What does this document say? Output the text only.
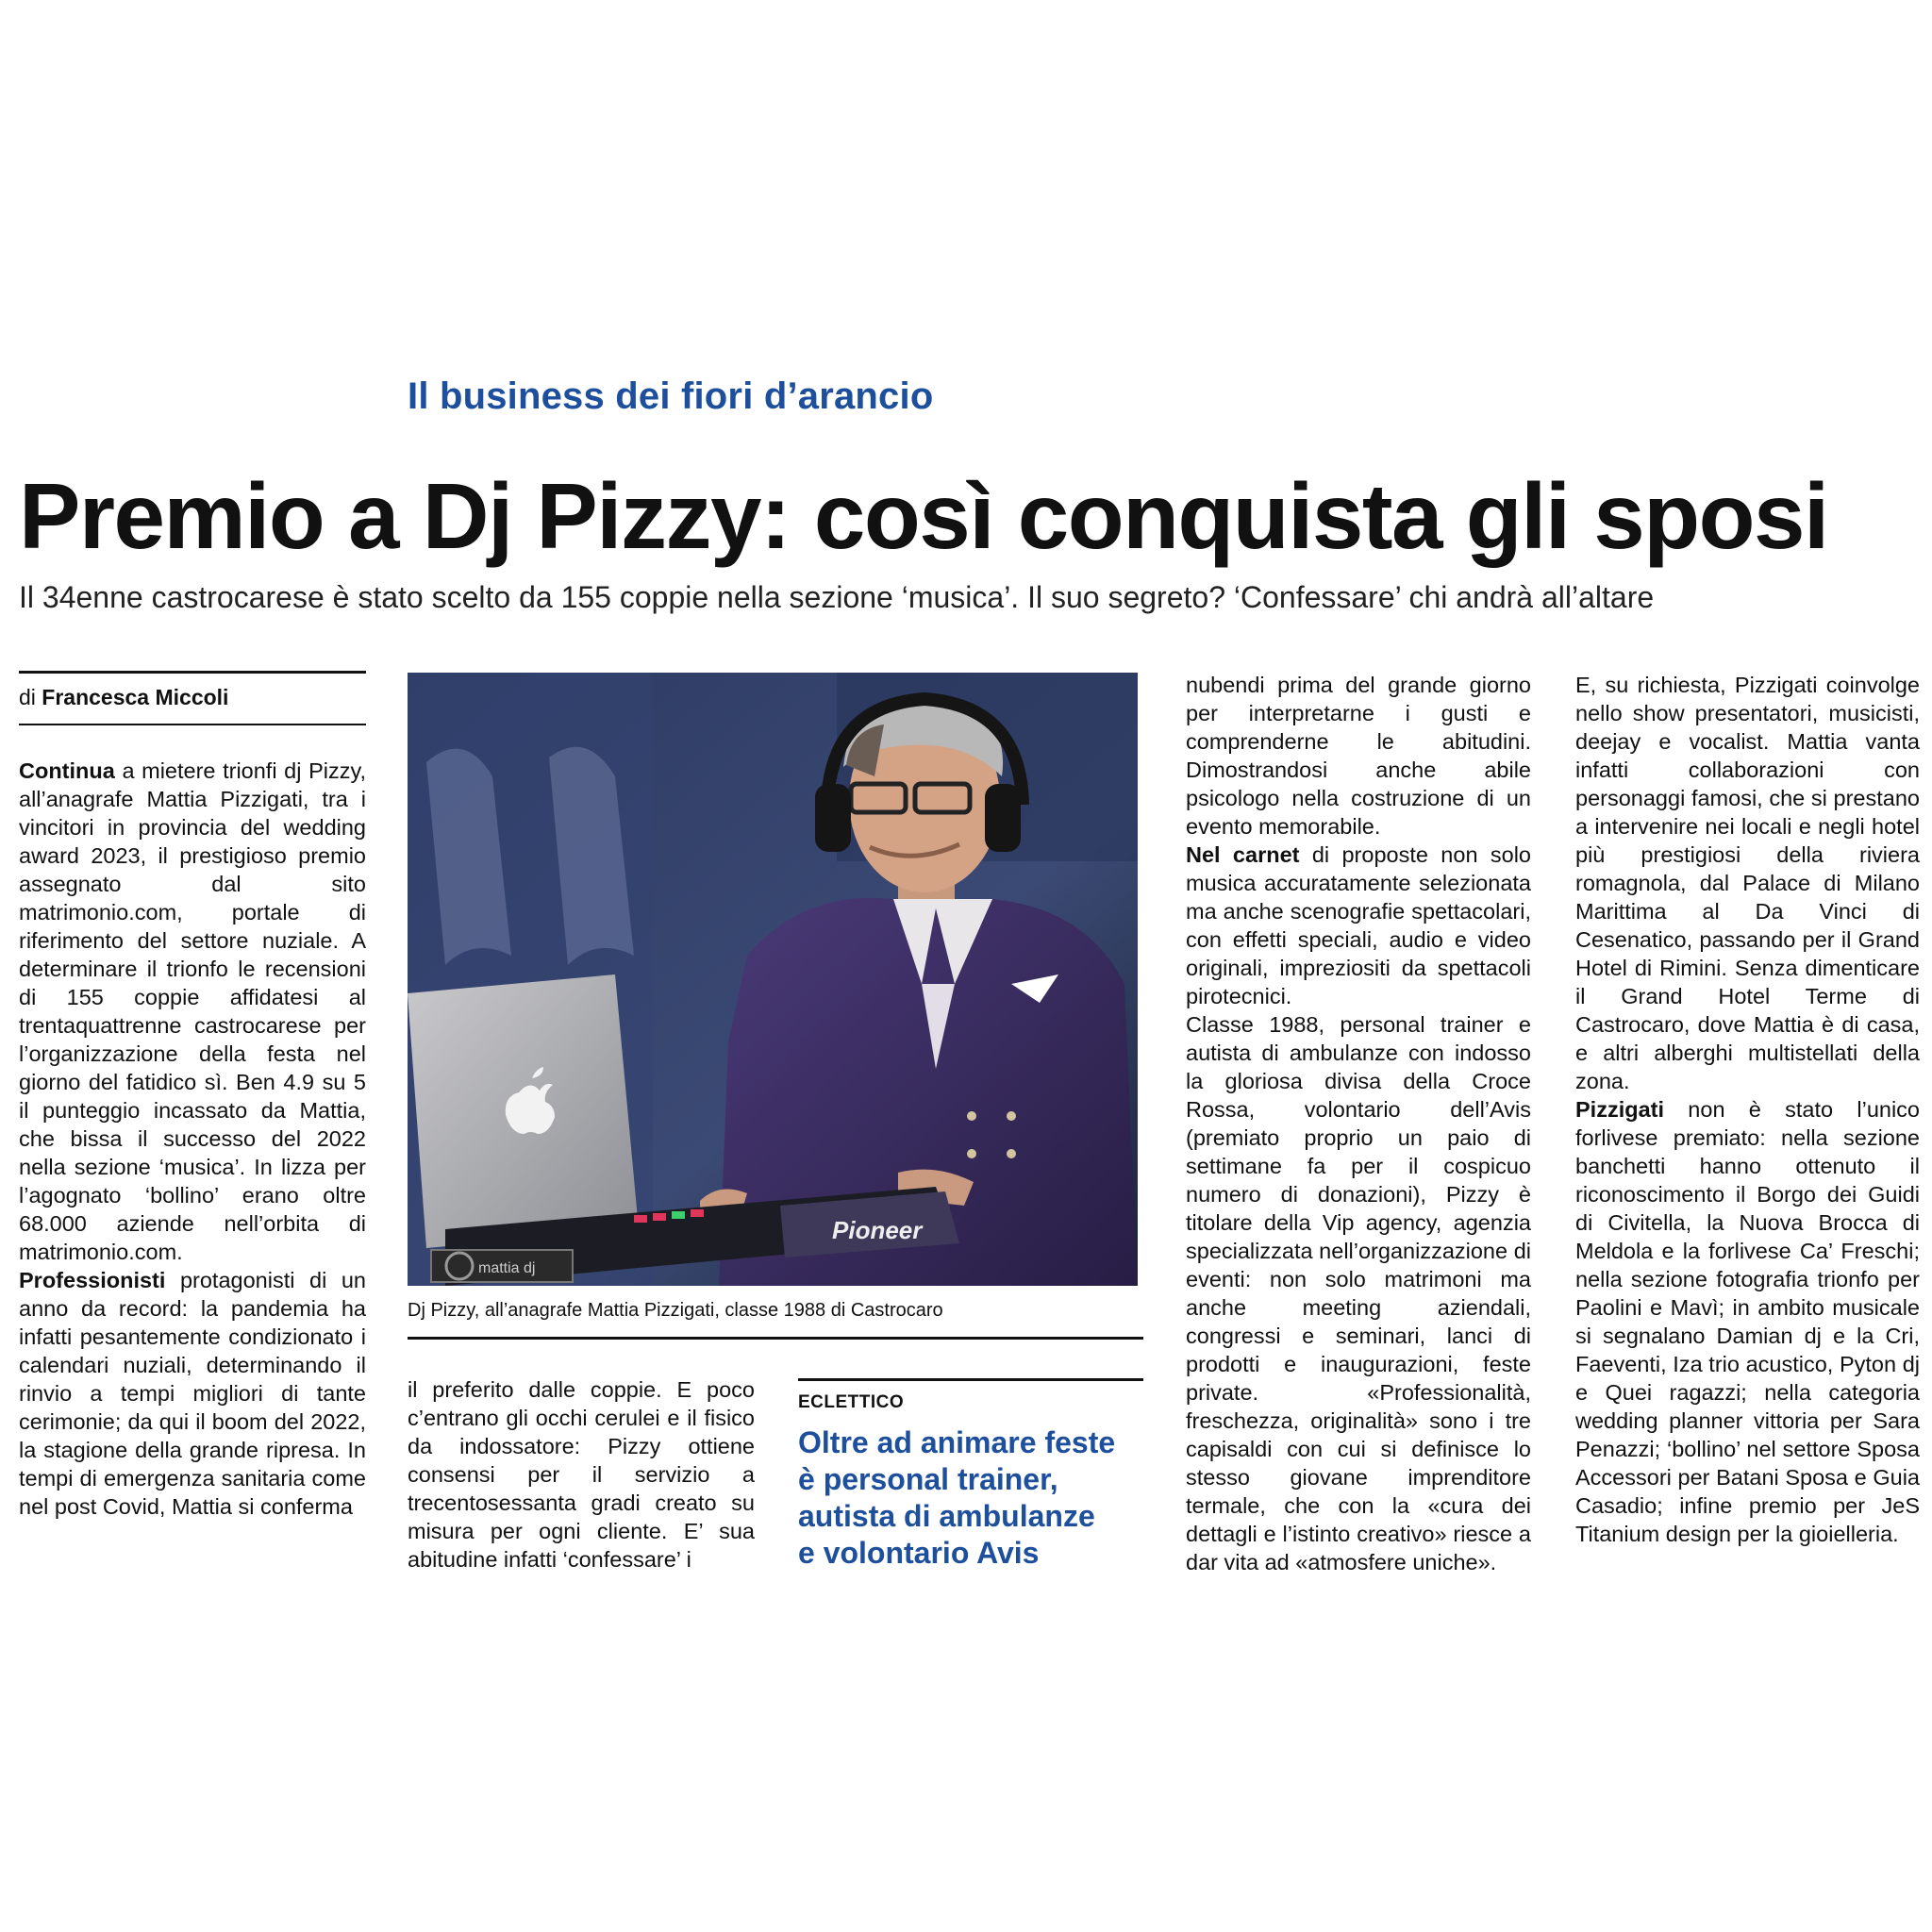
Il business dei fiori d’arancio
Premio a Dj Pizzy: così conquista gli sposi
Il 34enne castrocarese è stato scelto da 155 coppie nella sezione ‘musica’. Il suo segreto? ‘Confessare’ chi andrà all’altare
di Francesca Miccoli

Continua a mietere trionfi dj Pizzy, all’anagrafe Mattia Pizzigati, tra i vincitori in provincia del wedding award 2023, il prestigioso premio assegnato dal sito matrimonio.com, portale di riferimento del settore nuziale. A determinare il trionfo le recensioni di 155 coppie affidatesi al trentaquattrenne castrocarese per l’organizzazione della festa nel giorno del fatidico sì. Ben 4.9 su 5 il punteggio incassato da Mattia, che bissa il successo del 2022 nella sezione ‘musica’. In lizza per l’agognato ‘bollino’ erano oltre 68.000 aziende nell’orbita di matrimonio.com.

Professionisti protagonisti di un anno da record: la pandemia ha infatti pesantemente condizionato i calendari nuziali, determinando il rinvio a tempi migliori di tante cerimonie; da qui il boom del 2022, la stagione della grande ripresa. In tempi di emergenza sanitaria come nel post Covid, Mattia si conferma

Pioneer
mattia dj
Dj Pizzy, all’anagrafe Mattia Pizzigati, classe 1988 di Castrocaro

il preferito dalle coppie. E poco c’entrano gli occhi cerulei e il fisico da indossatore: Pizzy ottiene consensi per il servizio a trecentosessanta gradi creato su misura per ogni cliente. E’ sua abitudine infatti ‘confessare’ i

ECLETTICO
Oltre ad animare feste
è personal trainer,
autista di ambulanze
e volontario Avis

nubendi prima del grande giorno per interpretarne i gusti e comprenderne le abitudini. Dimostrandosi anche abile psicologo nella costruzione di un evento memorabile.

Nel carnet di proposte non solo musica accuratamente selezionata ma anche scenografie spettacolari, con effetti speciali, audio e video originali, impreziositi da spettacoli pirotecnici.

Classe 1988, personal trainer e autista di ambulanze con indosso la gloriosa divisa della Croce Rossa, volontario dell’Avis (premiato proprio un paio di settimane fa per il cospicuo numero di donazioni), Pizzy è titolare della Vip agency, agenzia specializzata nell’organizzazione di eventi: non solo matrimoni ma anche meeting aziendali, congressi e seminari, lanci di prodotti e inaugurazioni, feste private. «Professionalità, freschezza, originalità» sono i tre capisaldi con cui si definisce lo stesso giovane imprenditore termale, che con la «cura dei dettagli e l’istinto creativo» riesce a dar vita ad «atmosfere uniche».

E, su richiesta, Pizzigati coinvolge nello show presentatori, musicisti, deejay e vocalist. Mattia vanta infatti collaborazioni con personaggi famosi, che si prestano a intervenire nei locali e negli hotel più prestigiosi della riviera romagnola, dal Palace di Milano Marittima al Da Vinci di Cesenatico, passando per il Grand Hotel di Rimini. Senza dimenticare il Grand Hotel Terme di Castrocaro, dove Mattia è di casa, e altri alberghi multistellati della zona.

Pizzigati non è stato l’unico forlivese premiato: nella sezione banchetti hanno ottenuto il riconoscimento il Borgo dei Guidi di Civitella, la Nuova Brocca di Meldola e la forlivese Ca’ Freschi; nella sezione fotografia trionfo per Paolini e Mavì; in ambito musicale si segnalano Damian dj e la Cri, Faeventi, Iza trio acustico, Pyton dj e Quei ragazzi; nella categoria wedding planner vittoria per Sara Penazzi; ‘bollino’ nel settore Sposa Accessori per Batani Sposa e Guia Casadio; infine premio per JeS Titanium design per la gioielleria.
